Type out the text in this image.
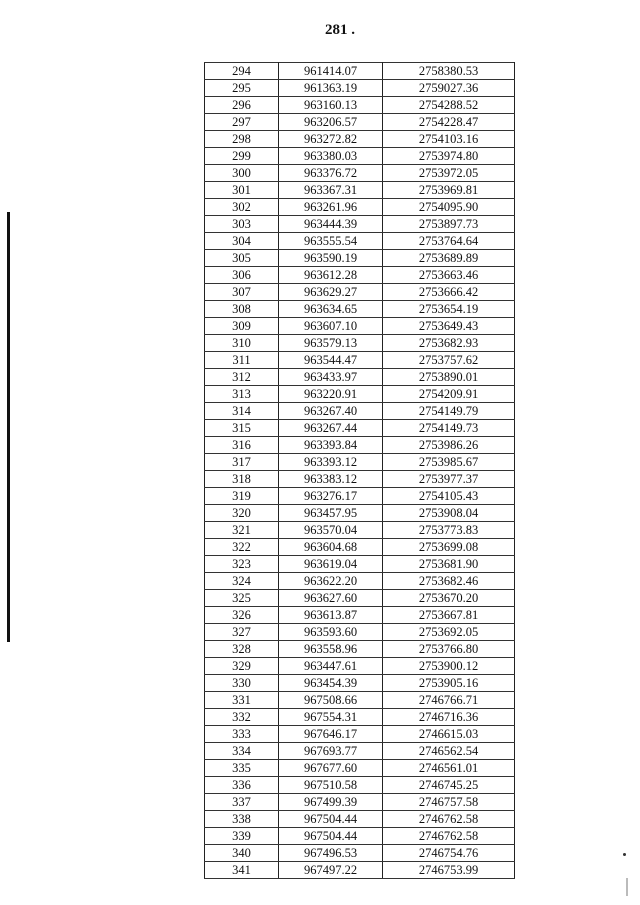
281 .
294	961414.07	2758380.53
295	961363.19	2759027.36
296	963160.13	2754288.52
297	963206.57	2754228.47
298	963272.82	2754103.16
299	963380.03	2753974.80
300	963376.72	2753972.05
301	963367.31	2753969.81
302	963261.96	2754095.90
303	963444.39	2753897.73
304	963555.54	2753764.64
305	963590.19	2753689.89
306	963612.28	2753663.46
307	963629.27	2753666.42
308	963634.65	2753654.19
309	963607.10	2753649.43
310	963579.13	2753682.93
311	963544.47	2753757.62
312	963433.97	2753890.01
313	963220.91	2754209.91
314	963267.40	2754149.79
315	963267.44	2754149.73
316	963393.84	2753986.26
317	963393.12	2753985.67
318	963383.12	2753977.37
319	963276.17	2754105.43
320	963457.95	2753908.04
321	963570.04	2753773.83
322	963604.68	2753699.08
323	963619.04	2753681.90
324	963622.20	2753682.46
325	963627.60	2753670.20
326	963613.87	2753667.81
327	963593.60	2753692.05
328	963558.96	2753766.80
329	963447.61	2753900.12
330	963454.39	2753905.16
331	967508.66	2746766.71
332	967554.31	2746716.36
333	967646.17	2746615.03
334	967693.77	2746562.54
335	967677.60	2746561.01
336	967510.58	2746745.25
337	967499.39	2746757.58
338	967504.44	2746762.58
339	967504.44	2746762.58
340	967496.53	2746754.76
341	967497.22	2746753.99
